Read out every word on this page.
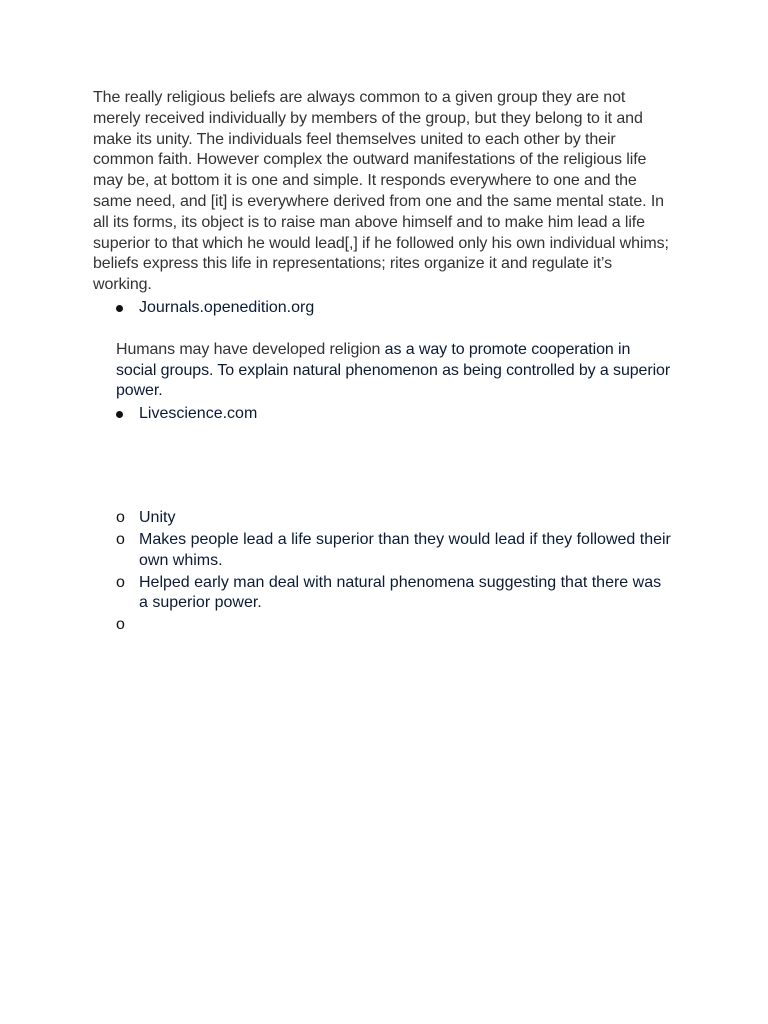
The really religious beliefs are always common to a given group they are not merely received individually by members of the group, but they belong to it and make its unity. The individuals feel themselves united to each other by their common faith. However complex the outward manifestations of the religious life may be, at bottom it is one and simple. It responds everywhere to one and the same need, and [it] is everywhere derived from one and the same mental state. In all its forms, its object is to raise man above himself and to make him lead a life superior to that which he would lead[,] if he followed only his own individual whims; beliefs express this life in representations; rites organize it and regulate it’s working.

Journals.openedition.org

Humans may have developed religion as a way to promote cooperation in social groups. To explain natural phenomenon as being controlled by a superior power.

Livescience.com
o Unity
o Makes people lead a life superior than they would lead if they followed their own whims.
o Helped early man deal with natural phenomena suggesting that there was a superior power.
o
